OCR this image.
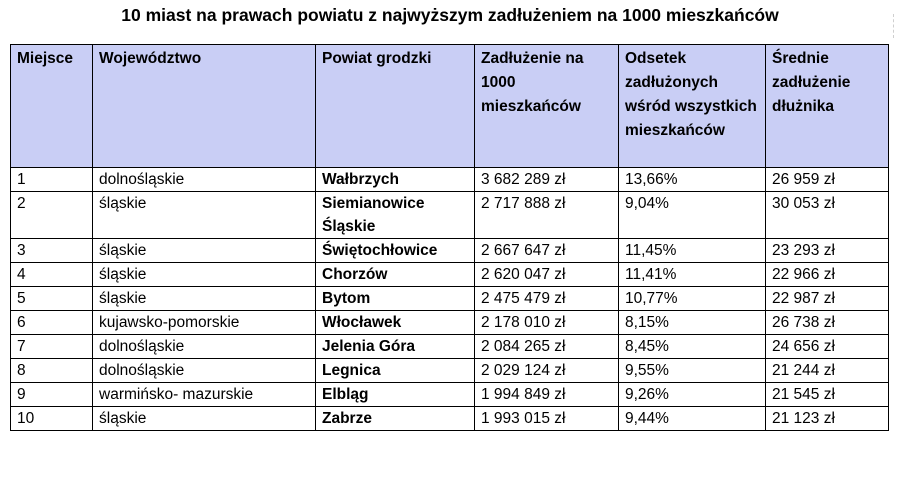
10 miast na prawach powiatu z najwyższym zadłużeniem na 1000 mieszkańców
Miejsce	Województwo	Powiat grodzki	Zadłużenie na 1000 mieszkańców	Odsetek zadłużonych wśród wszystkich mieszkańców	Średnie zadłużenie dłużnika
1	dolnośląskie	Wałbrzych	3 682 289 zł	13,66%	26 959 zł
2	śląskie	Siemianowice Śląskie	2 717 888 zł	9,04%	30 053 zł
3	śląskie	Świętochłowice	2 667 647 zł	11,45%	23 293 zł
4	śląskie	Chorzów	2 620 047 zł	11,41%	22 966 zł
5	śląskie	Bytom	2 475 479 zł	10,77%	22 987 zł
6	kujawsko-pomorskie	Włocławek	2 178 010 zł	8,15%	26 738 zł
7	dolnośląskie	Jelenia Góra	2 084 265 zł	8,45%	24 656 zł
8	dolnośląskie	Legnica	2 029 124 zł	9,55%	21 244 zł
9	warmińsko- mazurskie	Elbląg	1 994 849 zł	9,26%	21 545 zł
10	śląskie	Zabrze	1 993 015 zł	9,44%	21 123 zł
